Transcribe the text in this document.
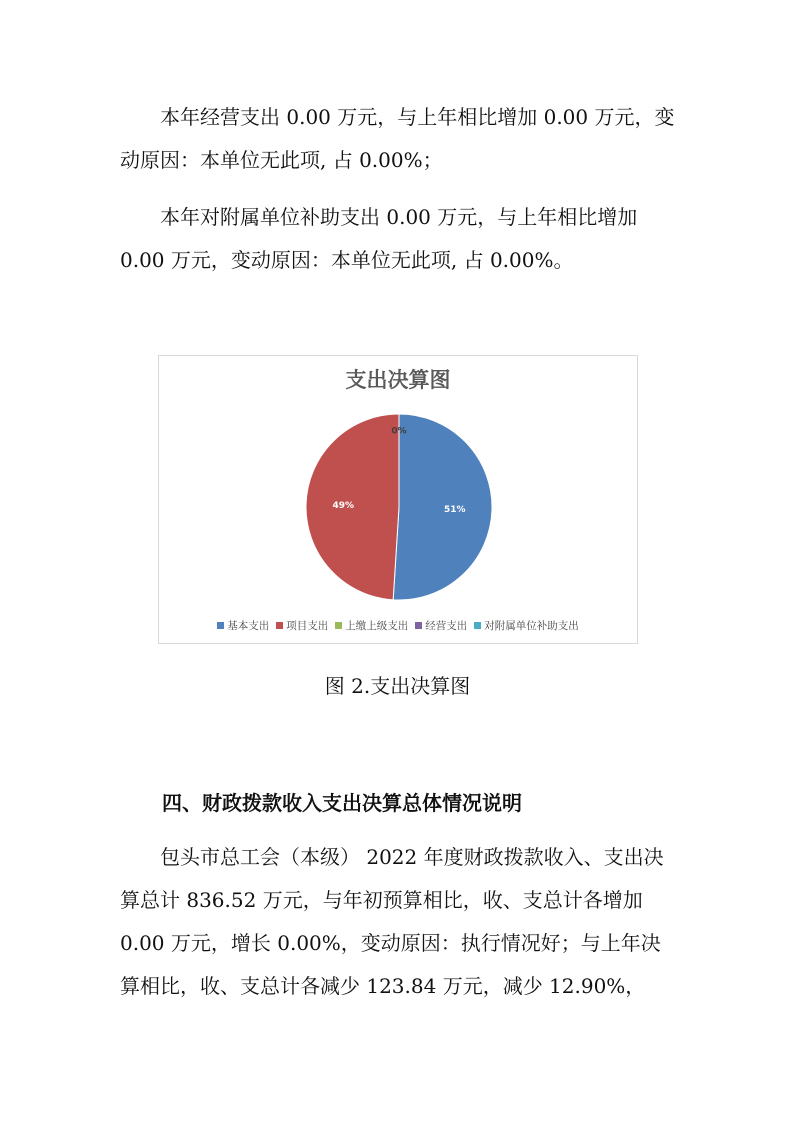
本年经营支出 0.00 万元，与上年相比增加 0.00 万元，变动原因：本单位无此项, 占 0.00%；

本年对附属单位补助支出 0.00 万元，与上年相比增加 0.00 万元，变动原因：本单位无此项, 占 0.00%。

支出决算图
51%
49%
0%
基本支出 项目支出 上缴上级支出 经营支出 对附属单位补助支出
图 2.支出决算图
四、财政拨款收入支出决算总体情况说明

包头市总工会（本级） 2022 年度财政拨款收入、支出决算总计 836.52 万元，与年初预算相比，收、支总计各增加 0.00 万元，增长 0.00%，变动原因：执行情况好；与上年决算相比，收、支总计各减少 123.84 万元，减少 12.90%，
